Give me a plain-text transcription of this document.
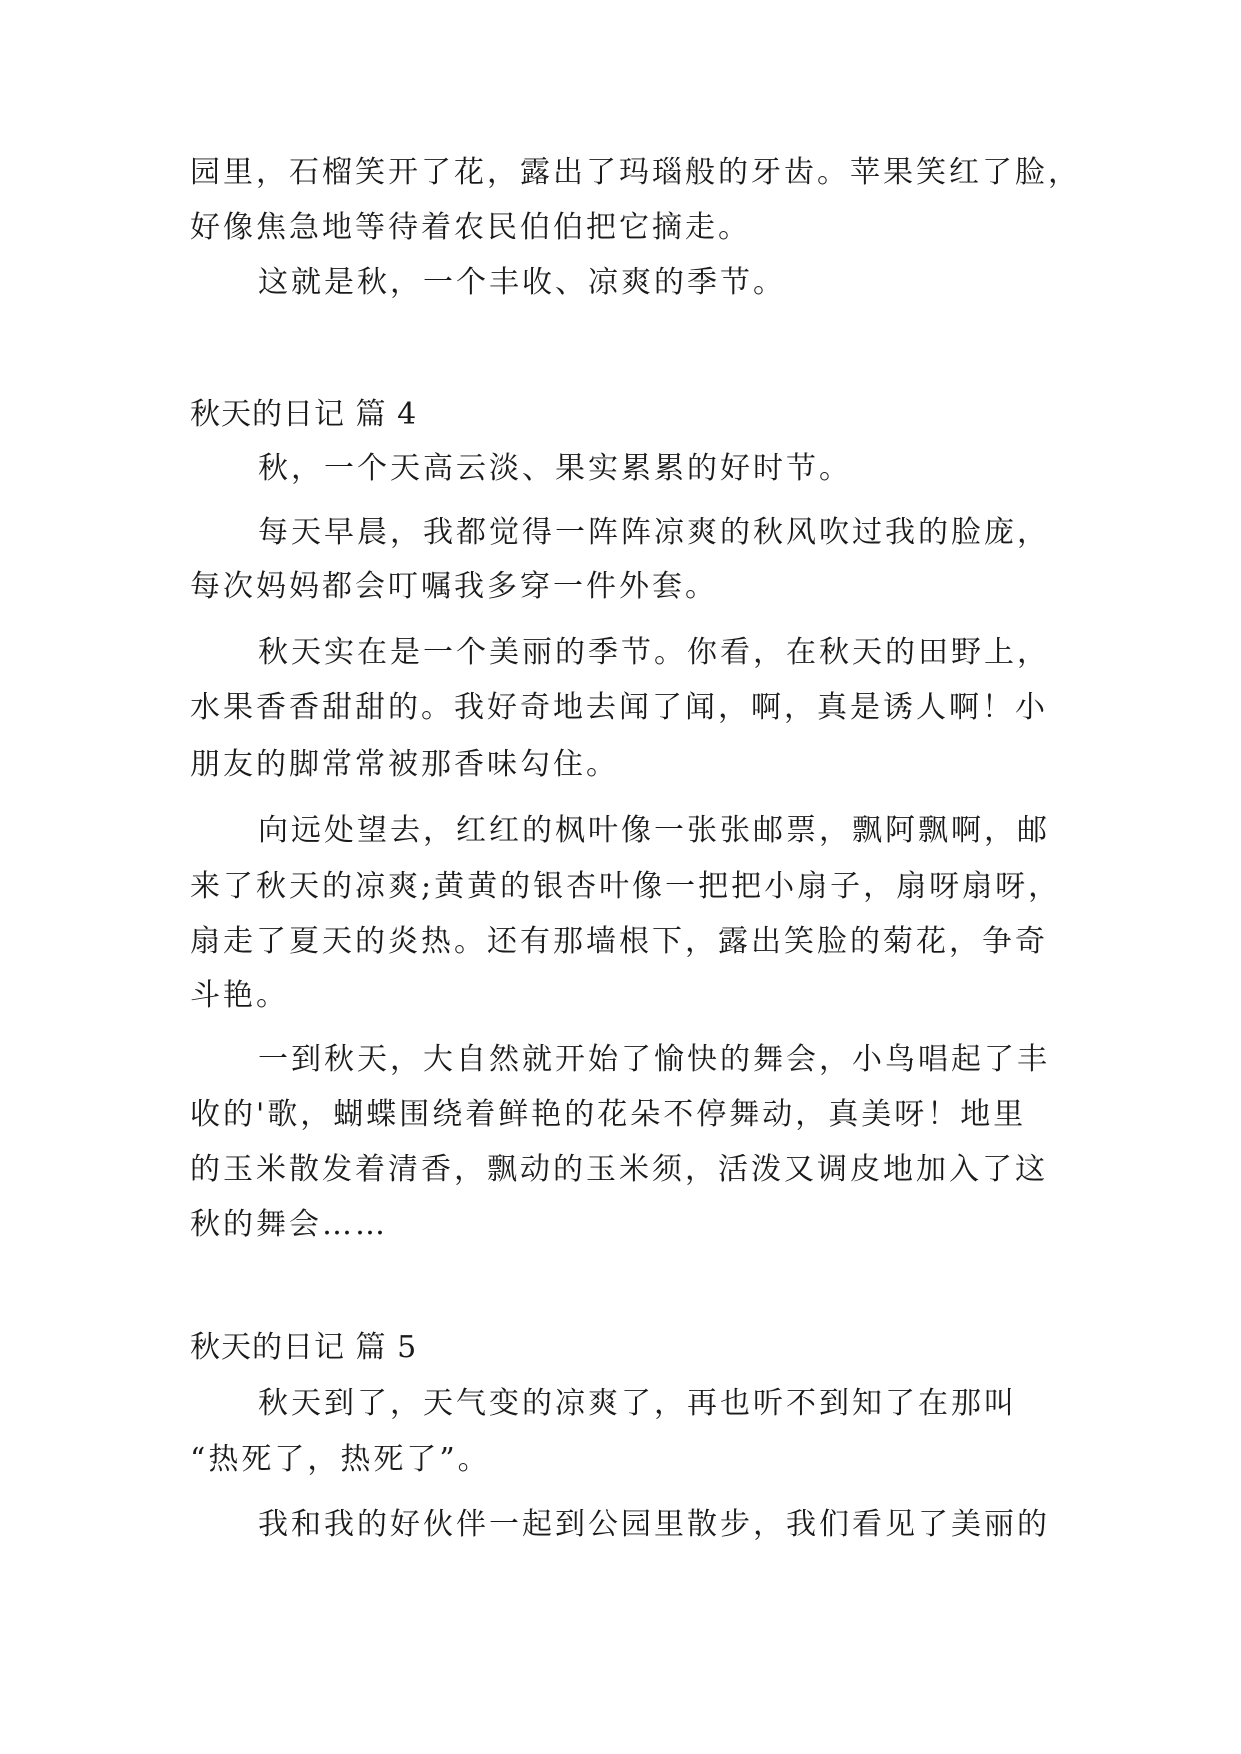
园里，石榴笑开了花，露出了玛瑙般的牙齿。苹果笑红了脸，
好像焦急地等待着农民伯伯把它摘走。
这就是秋，一个丰收、凉爽的季节。
秋天的日记 篇 4
秋，一个天高云淡、果实累累的好时节。
每天早晨，我都觉得一阵阵凉爽的秋风吹过我的脸庞，
每次妈妈都会叮嘱我多穿一件外套。
秋天实在是一个美丽的季节。你看，在秋天的田野上，
水果香香甜甜的。我好奇地去闻了闻，啊，真是诱人啊！小
朋友的脚常常被那香味勾住。
向远处望去，红红的枫叶像一张张邮票，飘阿飘啊，邮
来了秋天的凉爽;黄黄的银杏叶像一把把小扇子，扇呀扇呀，
扇走了夏天的炎热。还有那墙根下，露出笑脸的菊花，争奇
斗艳。
一到秋天，大自然就开始了愉快的舞会，小鸟唱起了丰
收的'歌，蝴蝶围绕着鲜艳的花朵不停舞动，真美呀！地里
的玉米散发着清香，飘动的玉米须，活泼又调皮地加入了这
秋的舞会……
秋天的日记 篇 5
秋天到了，天气变的凉爽了，再也听不到知了在那叫
“热死了，热死了”。
我和我的好伙伴一起到公园里散步，我们看见了美丽的
